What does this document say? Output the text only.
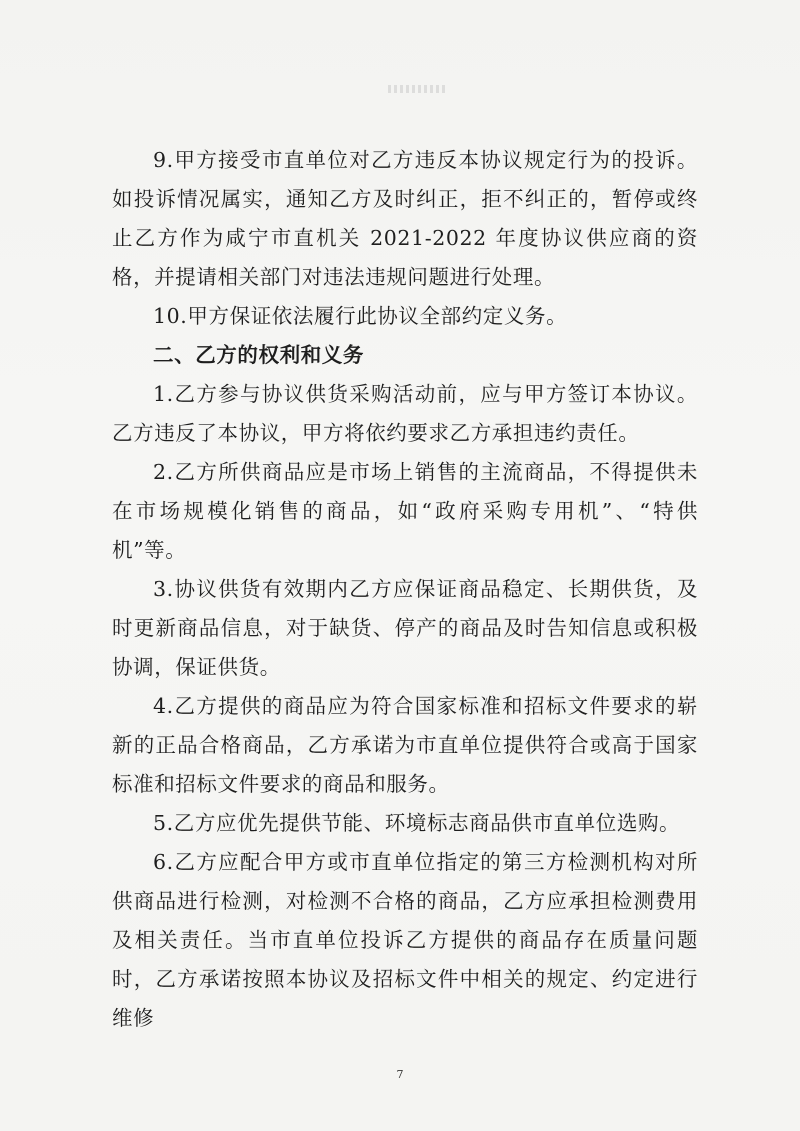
9.甲方接受市直单位对乙方违反本协议规定行为的投诉。如投诉情况属实，通知乙方及时纠正，拒不纠正的，暂停或终止乙方作为咸宁市直机关 2021-2022 年度协议供应商的资格，并提请相关部门对违法违规问题进行处理。

10.甲方保证依法履行此协议全部约定义务。

二、乙方的权利和义务

1.乙方参与协议供货采购活动前，应与甲方签订本协议。乙方违反了本协议，甲方将依约要求乙方承担违约责任。

2.乙方所供商品应是市场上销售的主流商品，不得提供未在市场规模化销售的商品，如“政府采购专用机”、“特供机”等。

3.协议供货有效期内乙方应保证商品稳定、长期供货，及时更新商品信息，对于缺货、停产的商品及时告知信息或积极协调，保证供货。

4.乙方提供的商品应为符合国家标准和招标文件要求的崭新的正品合格商品，乙方承诺为市直单位提供符合或高于国家标准和招标文件要求的商品和服务。

5.乙方应优先提供节能、环境标志商品供市直单位选购。

6.乙方应配合甲方或市直单位指定的第三方检测机构对所供商品进行检测，对检测不合格的商品，乙方应承担检测费用及相关责任。当市直单位投诉乙方提供的商品存在质量问题时，乙方承诺按照本协议及招标文件中相关的规定、约定进行维修

7
